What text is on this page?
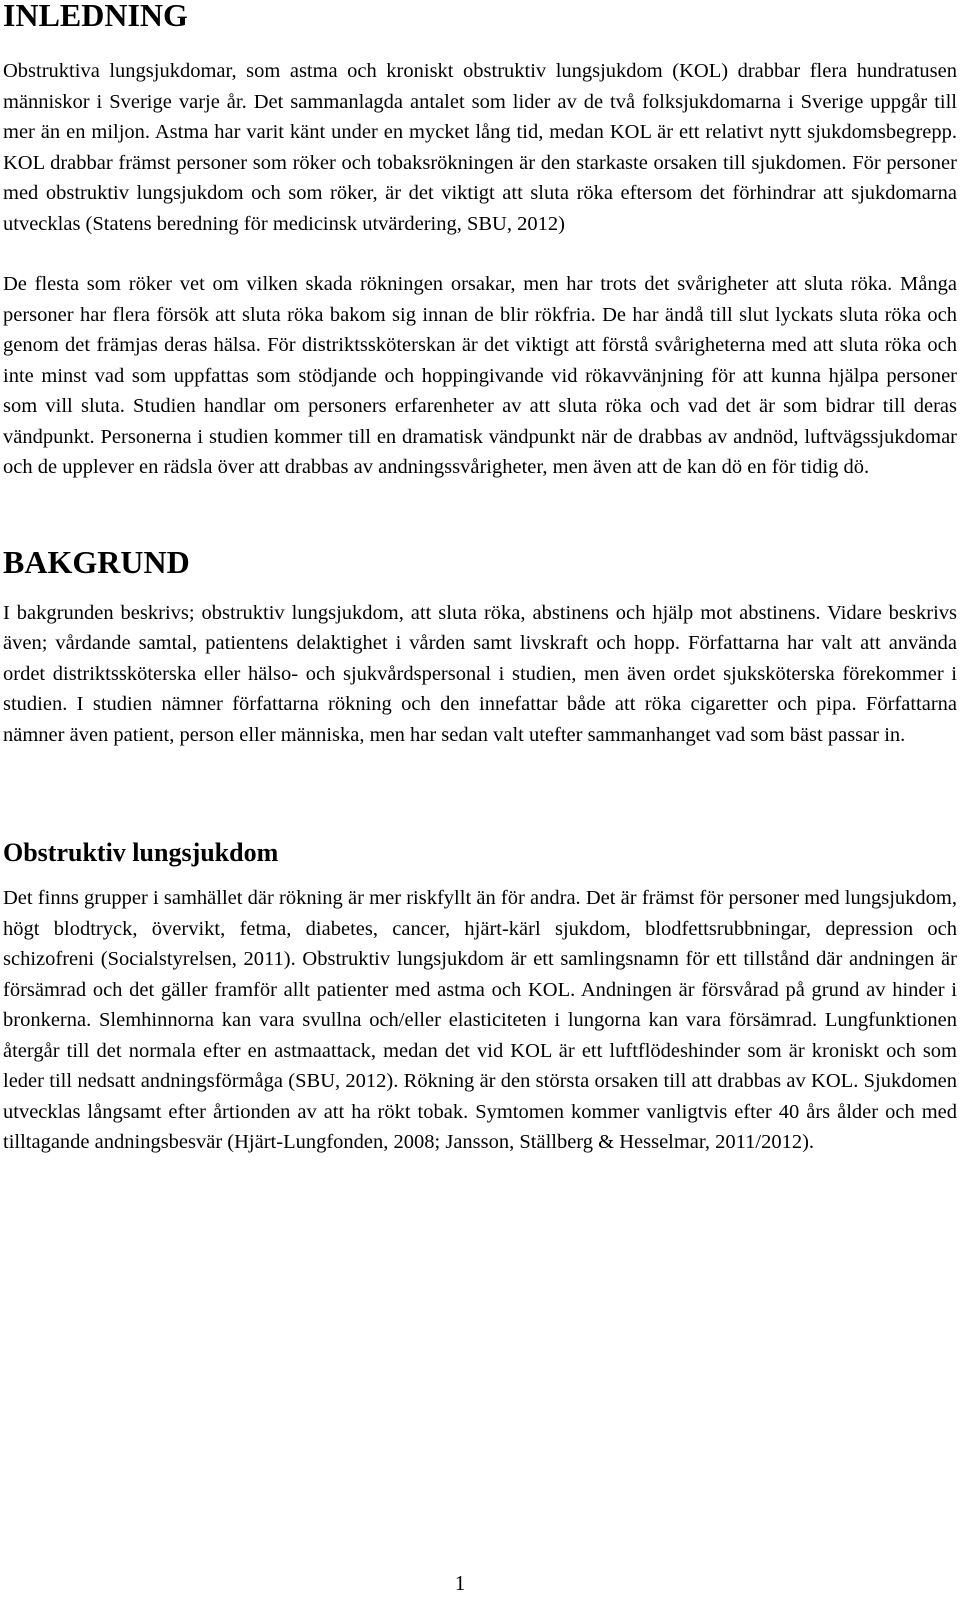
INLEDNING

Obstruktiva lungsjukdomar, som astma och kroniskt obstruktiv lungsjukdom (KOL) drabbar flera hundratusen människor i Sverige varje år. Det sammanlagda antalet som lider av de två folksjukdomarna i Sverige uppgår till mer än en miljon. Astma har varit känt under en mycket lång tid, medan KOL är ett relativt nytt sjukdomsbegrepp. KOL drabbar främst personer som röker och tobaksrökningen är den starkaste orsaken till sjukdomen. För personer med obstruktiv lungsjukdom och som röker, är det viktigt att sluta röka eftersom det förhindrar att sjukdomarna utvecklas (Statens beredning för medicinsk utvärdering, SBU, 2012)

De flesta som röker vet om vilken skada rökningen orsakar, men har trots det svårigheter att sluta röka. Många personer har flera försök att sluta röka bakom sig innan de blir rökfria. De har ändå till slut lyckats sluta röka och genom det främjas deras hälsa. För distriktssköterskan är det viktigt att förstå svårigheterna med att sluta röka och inte minst vad som uppfattas som stödjande och hoppingivande vid rökavvänjning för att kunna hjälpa personer som vill sluta. Studien handlar om personers erfarenheter av att sluta röka och vad det är som bidrar till deras vändpunkt. Personerna i studien kommer till en dramatisk vändpunkt när de drabbas av andnöd, luftvägssjukdomar och de upplever en rädsla över att drabbas av andningssvårigheter, men även att de kan dö en för tidig dö.

BAKGRUND

I bakgrunden beskrivs; obstruktiv lungsjukdom, att sluta röka, abstinens och hjälp mot abstinens. Vidare beskrivs även; vårdande samtal, patientens delaktighet i vården samt livskraft och hopp. Författarna har valt att använda ordet distriktssköterska eller hälso- och sjukvårdspersonal i studien, men även ordet sjuksköterska förekommer i studien. I studien nämner författarna rökning och den innefattar både att röka cigaretter och pipa. Författarna nämner även patient, person eller människa, men har sedan valt utefter sammanhanget vad som bäst passar in.

Obstruktiv lungsjukdom

Det finns grupper i samhället där rökning är mer riskfyllt än för andra. Det är främst för personer med lungsjukdom, högt blodtryck, övervikt, fetma, diabetes, cancer, hjärt-kärl sjukdom, blodfettsrubbningar, depression och schizofreni (Socialstyrelsen, 2011). Obstruktiv lungsjukdom är ett samlingsnamn för ett tillstånd där andningen är försämrad och det gäller framför allt patienter med astma och KOL. Andningen är försvårad på grund av hinder i bronkerna. Slemhinnorna kan vara svullna och/eller elasticiteten i lungorna kan vara försämrad. Lungfunktionen återgår till det normala efter en astmaattack, medan det vid KOL är ett luftflödeshinder som är kroniskt och som leder till nedsatt andningsförmåga (SBU, 2012). Rökning är den största orsaken till att drabbas av KOL. Sjukdomen utvecklas långsamt efter årtionden av att ha rökt tobak. Symtomen kommer vanligtvis efter 40 års ålder och med tilltagande andningsbesvär (Hjärt-Lungfonden, 2008; Jansson, Ställberg & Hesselmar, 2011/2012).

1
